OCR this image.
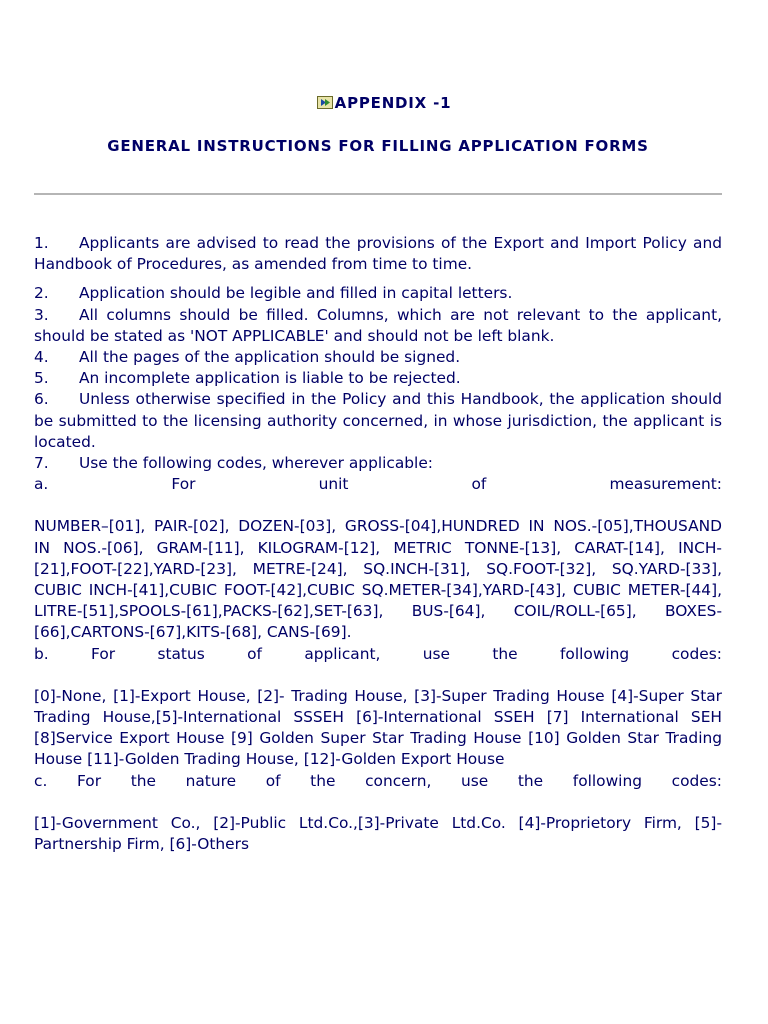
APPENDIX -1
GENERAL INSTRUCTIONS FOR FILLING APPLICATION FORMS

1. Applicants are advised to read the provisions of the Export and Import Policy and Handbook of Procedures, as amended from time to time.

2. Application should be legible and filled in capital letters.

3. All columns should be filled. Columns, which are not relevant to the applicant, should be stated as 'NOT APPLICABLE' and should not be left blank.

4. All the pages of the application should be signed.

5. An incomplete application is liable to be rejected.

6. Unless otherwise specified in the Policy and this Handbook, the application should be submitted to the licensing authority concerned, in whose jurisdiction, the applicant is located.

7. Use the following codes, wherever applicable:

a.	For	unit	of	measurement:

NUMBER–[01], PAIR-[02], DOZEN-[03], GROSS-[04],HUNDRED IN NOS.-[05],THOUSAND IN NOS.-[06], GRAM-[11], KILOGRAM-[12], METRIC TONNE-[13], CARAT-[14], INCH-[21],FOOT-[22],YARD-[23], METRE-[24], SQ.INCH-[31], SQ.FOOT-[32], SQ.YARD-[33], CUBIC INCH-[41],CUBIC FOOT-[42],CUBIC SQ.METER-[34],YARD-[43], CUBIC METER-[44], LITRE-[51],SPOOLS-[61],PACKS-[62],SET-[63], BUS-[64], COIL/ROLL-[65], BOXES-[66],CARTONS-[67],KITS-[68], CANS-[69].

b.	For	status	of	applicant,	use	the	following	codes:

[0]-None, [1]-Export House, [2]- Trading House, [3]-Super Trading House [4]-Super Star Trading House,[5]-International SSSEH [6]-International SSEH [7] International SEH [8]Service Export House [9] Golden Super Star Trading House [10] Golden Star Trading House [11]-Golden Trading House, [12]-Golden Export House

c. For the nature of the concern, use the following codes:

[1]-Government Co., [2]-Public Ltd.Co.,[3]-Private Ltd.Co. [4]-Proprietory Firm, [5]-Partnership Firm, [6]-Others
